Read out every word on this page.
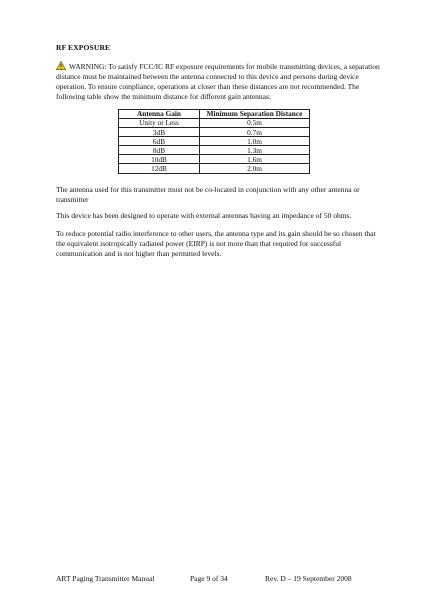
RF EXPOSURE

WARNING: To satisfy FCC/IC RF exposure requirements for mobile transmitting devices, a separation distance must be maintained between the antenna connected to this device and persons during device operation. To ensure compliance, operations at closer than these distances are not recommended. The following table show the minimum distance for different gain antennas:

Antenna Gain	Minimum Separation Distance
Unity or Less	0.5m
3dB	0.7m
6dB	1.0m
8dB	1.3m
10dB	1.6m
12dB	2.0m

The antenna used for this transmitter must not be co-located in conjunction with any other antenna or transmitter

This device has been designed to operate with external antennas having an impedance of 50 ohms.

To reduce potential radio interference to other users, the antenna type and its gain should be so chosen that the equivalent isotropically radiated power (EIRP) is not more than that required for successful communication and is not higher than permitted levels.

ART Paging Transmitter Manual	Page 9 of 34	Rev. D – 19 September 2008
